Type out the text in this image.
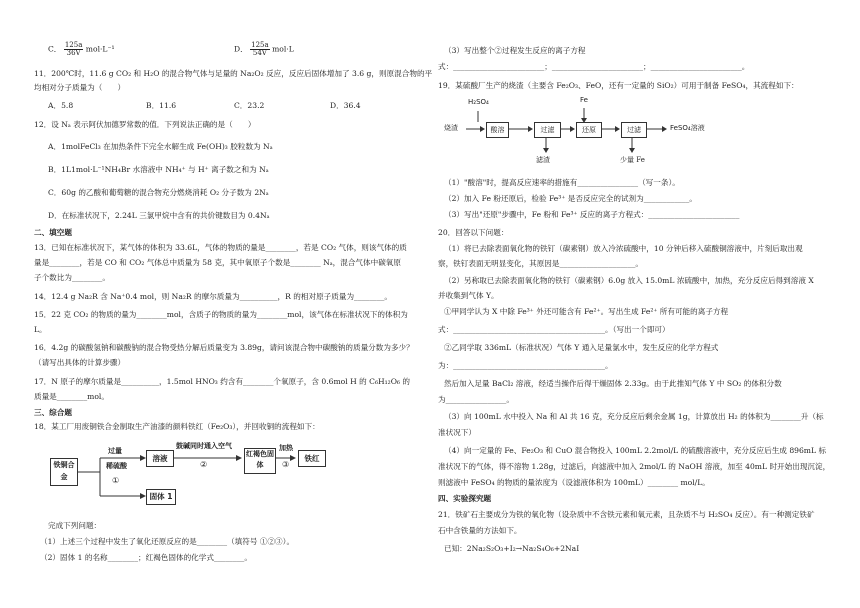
C． $\frac{125a}{36V} mol\cdot L^{-1}$	D． $\frac{125a}{54V} mol\cdot L$
11．200℃时，11.6 g CO₂ 和 H₂O 的混合物气体与足量的 Na₂O₂ 反应，反应后固体增加了 3.6 g，则原混合物的平
均相对分子质量为（　　）
A．5.8	B．11.6	C．23.2	D．36.4
12．设 Nₐ 表示阿伏加德罗常数的值．下列说法正确的是（　　）
A．1molFeCl₃ 在加热条件下完全水解生成 Fe(OH)₃ 胶粒数为 Nₐ
B．1L1mol·L⁻¹NH₄Br 水溶液中 NH₄⁺ 与 H⁺ 离子数之和为 Nₐ
C．60g 的乙酸和葡萄糖的混合物充分燃烧消耗 O₂ 分子数为 2Nₐ
D．在标准状况下，2.24L 三氯甲烷中含有的共价键数目为 0.4Nₐ
二、填空题
13．已知在标准状况下，某气体的体积为 33.6L，气体的物质的量是________，若是 CO₂ 气体，则该气体的质
量是________，若是 CO 和 CO₂ 气体总中质量为 58 克，其中氧原子个数是________ Nₐ，混合气体中碳氧原
子个数比为________。
14．12.4 g Na₂R 含 Na⁺0.4 mol，则 Na₂R 的摩尔质量为__________，R 的相对原子质量为________。
15．22 克 CO₂ 的物质的量为________mol，含质子的物质的量为________mol，该气体在标准状况下的体积为
L。
16．4.2g 的碳酸氢钠和碳酸钠的混合物受热分解后质量变为 3.89g，请问该混合物中碳酸钠的质量分数为多少？
（请写出具体的计算步骤）
17．N 原子的摩尔质量是__________，1.5mol HNO₃ 约含有________个氧原子，含 0.6mol H 的 C₆H₁₂O₆ 的
质量是________mol。
三、综合题
18．某工厂用废铜铁合金制取生产油漆的颜料铁红（Fe₂O₃），并回收铜的流程如下：
铁铜合金
过量
稀硫酸
①
溶液
鼓碱同时通入空气
②
红褐色固体
加热
③
铁红
固体 1
完成下列问题：
（1）上述三个过程中发生了氧化还原反应的是________（填符号 ①②③）。
（2）固体 1 的名称________；红褐色固体的化学式________。
（3）写出整个②过程发生反应的离子方程
式：________________________；________________________；________________________。
19．某硫酸厂生产的烧渣（主要含 Fe₂O₃、FeO，还有一定量的 SiO₂）可用于制备 FeSO₄，其流程如下：
H₂SO₄	Fe
烧渣	酸溶	过滤	还原	过滤	FeSO₄溶液
滤渣	少量 Fe
（1）"酸溶"时，提高反应速率的措施有________________（写一条）。
（2）加入 Fe 粉还原后，检验 Fe³⁺ 是否反应完全的试剂为____________。
（3）写出"还原"步骤中，Fe 粉和 Fe³⁺ 反应的离子方程式：________________________
20．回答以下问题：
（1）将已去除表面氧化物的铁钉（碳素钢）放入冷浓硫酸中，10 分钟后移入硫酸铜溶液中，片刻后取出观
察，铁钉表面无明显变化，其原因是____________________。
（2）另称取已去除表面氧化物的铁钉（碳素钢）6.0g 放入 15.0mL 浓硫酸中，加热，充分反应后得到溶液 X
并收集到气体 Y。
①甲同学认为 X 中除 Fe³⁺ 外还可能含有 Fe²⁺。写出生成 Fe²⁺ 所有可能的离子方程
式：________________________________________。（写出一个即可）
②乙同学取 336mL（标准状况）气体 Y 通入足量氯水中，发生反应的化学方程式
为：________________________________________。
然后加入足量 BaCl₂ 溶液，经适当操作后得干燥固体 2.33g。由于此推知气体 Y 中 SO₂ 的体积分数
为________________。
（3）向 100mL 水中投入 Na 和 Al 共 16 克，充分反应后剩余金属 1g，计算放出 H₂ 的体积为________升（标
准状况下）
（4）向一定量的 Fe、Fe₂O₃ 和 CuO 混合物投入 100mL 2.2mol/L 的硫酸溶液中，充分反应后生成 896mL 标
准状况下的气体，得不溶物 1.28g，过滤后，向滤液中加入 2mol/L 的 NaOH 溶液，加至 40mL 时开始出现沉淀，
则滤液中 FeSO₄ 的物质的量浓度为（设滤液体积为 100mL）________ mol/L。
四、实验探究题
21．铁矿石主要成分为铁的氧化物（设杂质中不含铁元素和氧元素，且杂质不与 H₂SO₄ 反应）。有一种测定铁矿
石中含铁量的方法如下。
已知：2Na₂S₂O₃+I₂→Na₂S₄O₆+2NaI
